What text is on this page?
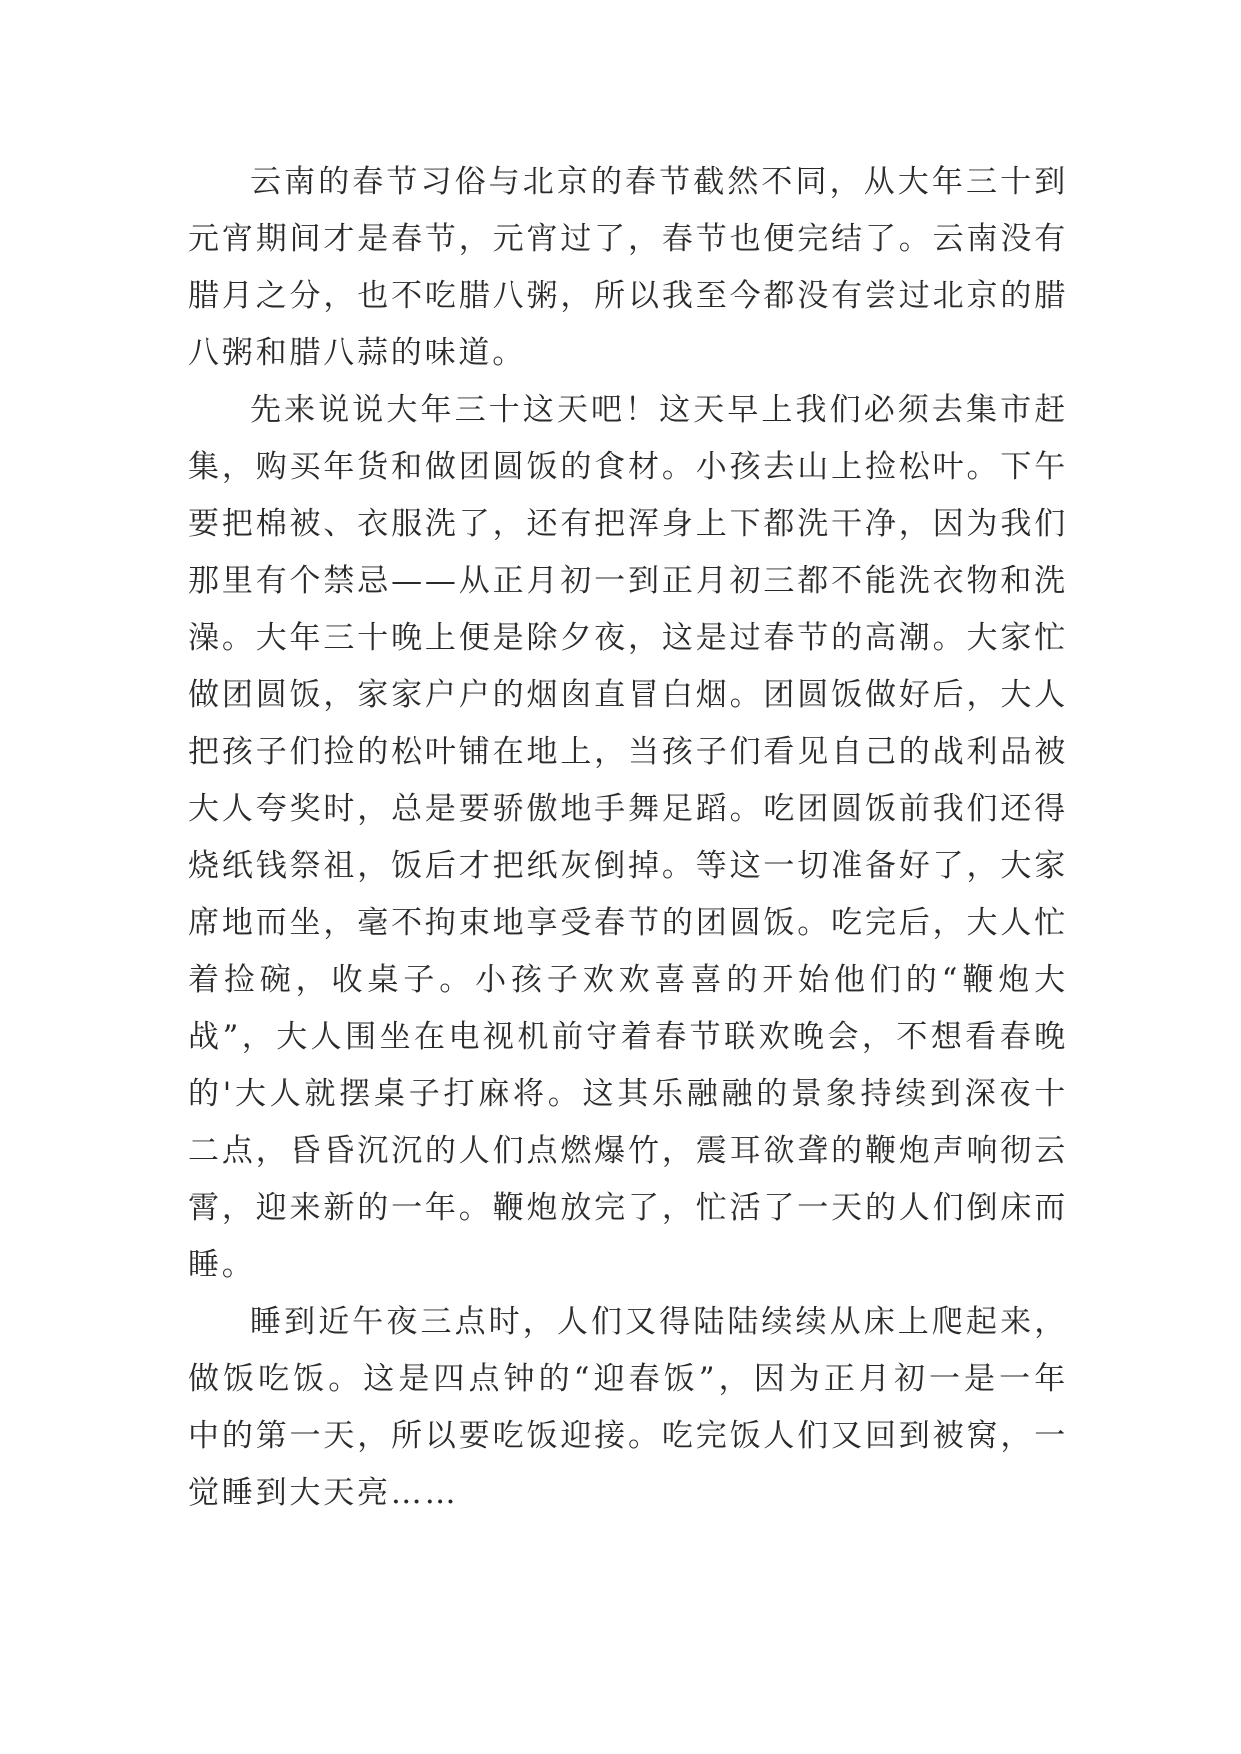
云南的春节习俗与北京的春节截然不同，从大年三十到元宵期间才是春节，元宵过了，春节也便完结了。云南没有腊月之分，也不吃腊八粥，所以我至今都没有尝过北京的腊八粥和腊八蒜的味道。

先来说说大年三十这天吧！这天早上我们必须去集市赶集，购买年货和做团圆饭的食材。小孩去山上捡松叶。下午要把棉被、衣服洗了，还有把浑身上下都洗干净，因为我们那里有个禁忌——从正月初一到正月初三都不能洗衣物和洗澡。大年三十晚上便是除夕夜，这是过春节的高潮。大家忙做团圆饭，家家户户的烟囱直冒白烟。团圆饭做好后，大人把孩子们捡的松叶铺在地上，当孩子们看见自己的战利品被大人夸奖时，总是要骄傲地手舞足蹈。吃团圆饭前我们还得烧纸钱祭祖，饭后才把纸灰倒掉。等这一切准备好了，大家席地而坐，毫不拘束地享受春节的团圆饭。吃完后，大人忙着捡碗，收桌子。小孩子欢欢喜喜的开始他们的“鞭炮大战”，大人围坐在电视机前守着春节联欢晚会，不想看春晚的'大人就摆桌子打麻将。这其乐融融的景象持续到深夜十二点，昏昏沉沉的人们点燃爆竹，震耳欲聋的鞭炮声响彻云霄，迎来新的一年。鞭炮放完了，忙活了一天的人们倒床而睡。

睡到近午夜三点时，人们又得陆陆续续从床上爬起来，做饭吃饭。这是四点钟的“迎春饭”，因为正月初一是一年中的第一天，所以要吃饭迎接。吃完饭人们又回到被窝，一觉睡到大天亮……
